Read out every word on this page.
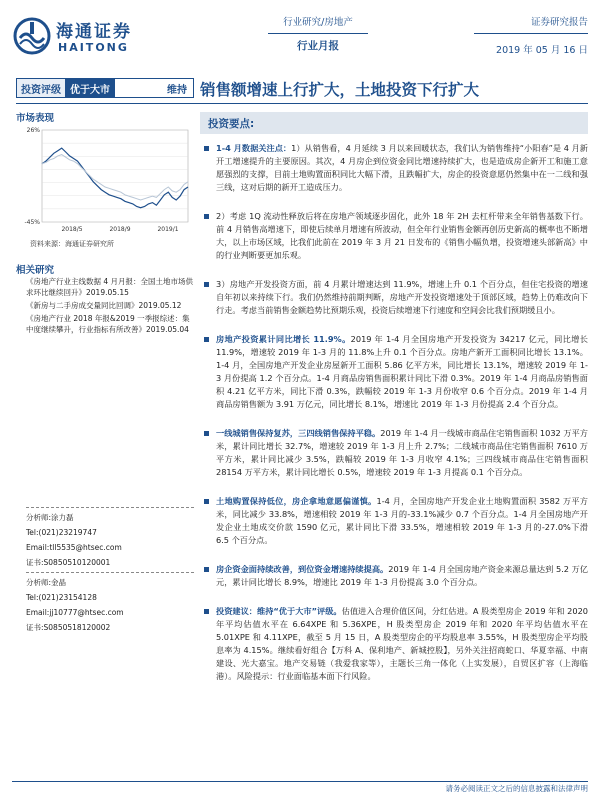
海通证券
HAITONG
行业研究/房地产
行业月报
证券研究报告
2019 年 05 月 16 日
投资评级 优于大市	维持 销售额增速上行扩大，土地投资下行扩大
市场表现
26%
-45%
2018/5	2018/9	2019/1
资料来源：海通证券研究所
相关研究
《房地产行业主线数据 4 月月报：全国土地市场供求环比继续回升》2019.05.15
《新房与二手房成交量同比回调》2019.05.12
《房地产行业 2018 年报&2019 一季报综述：集中度继续攀升，行业指标有所改善》2019.05.04
分析师:涂力磊
Tel:(021)23219747
Email:tll5535@htsec.com
证书:S0850510120001
分析师:金晶
Tel:(021)23154128
Email:jj10777@htsec.com
证书:S0850518120002
投资要点:
1-4 月数据关注点：1）从销售看，4 月延续 3 月以来回暖状态，我们认为销售维持“小阳春”是 4 月新开工增速提升的主要原因。其次，4 月房企到位资金同比增速持续扩大，也是造成房企新开工和施工意愿强烈的支撑，目前土地购置面积同比大幅下滑，且跌幅扩大，房企的投资意愿仍然集中在一二线和强三线，这对后期的新开工造成压力。
2）考虑 1Q 流动性释放后将在房地产领域逐步固化，此外 18 年 2H 去杠杆带来全年销售基数下行。前 4 月销售高增速下，即使后续单月增速有所波动，但全年行业销售金额再创历史新高的概率也不断增大，以上市场区域，比我们此前在 2019 年 3 月 21 日发布的《销售小幅负增，投资增速头部新高》中的行业判断要更加乐观。
3）房地产开发投资方面，前 4 月累计增速达到 11.9%，增速上升 0.1 个百分点，但住宅投资的增速自年初以来持续下行。我们仍然维持前期判断，房地产开发投资增速处于顶部区域，趋势上仍难改向下行走。考虑当前销售金额趋势比预期乐观，投资后续增速下行速度和空间会比我们预期缓且小。
房地产投资累计同比增长 11.9%。2019 年 1-4 月全国房地产开发投资为 34217 亿元，同比增长 11.9%，增速较 2019 年 1-3 月的 11.8%上升 0.1 个百分点。房地产新开工面积同比增长 13.1%。1-4 月，全国房地产开发企业房屋新开工面积 5.86 亿平方米，同比增长 13.1%，增速较 2019 年 1-3 月份提高 1.2 个百分点。1-4 月商品房销售面积累计同比下滑 0.3%。2019 年 1-4 月商品房销售面积 4.21 亿平方米，同比下滑 0.3%，跌幅较 2019 年 1-3 月份收窄 0.6 个百分点。2019 年 1-4 月商品房销售额为 3.91 万亿元，同比增长 8.1%，增速比 2019 年 1-3 月份提高 2.4 个百分点。
一线城销售保持复苏，三四线销售保持平稳。2019 年 1-4 月一线城市商品住宅销售面积 1032 万平方米，累计同比增长 32.7%，增速较 2019 年 1-3 月上升 2.7%；二线城市商品住宅销售面积 7610 万平方米，累计同比减少 3.5%，跌幅较 2019 年 1-3 月收窄 4.1%；三四线城市商品住宅销售面积 28154 万平方米，累计同比增长 0.5%，增速较 2019 年 1-3 月提高 0.1 个百分点。
土地购置保持低位，房企拿地意愿偏谨慎。1-4 月，全国房地产开发企业土地购置面积 3582 万平方米，同比减少 33.8%，增速相较 2019 年 1-3 月的-33.1%减少 0.7 个百分点。1-4 月全国房地产开发企业土地成交价款 1590 亿元，累计同比下滑 33.5%，增速相较 2019 年 1-3 月的-27.0%下滑 6.5 个百分点。
房企资金面持续改善，到位资金增速持续提高。2019 年 1-4 月全国房地产资金来源总量达到 5.2 万亿元，累计同比增长 8.9%，增速比 2019 年 1-3 月份提高 3.0 个百分点。
投资建议：维持“优于大市”评级。估值进入合理价值区间，分红估进。A 股类型房企 2019 年和 2020 年平均估值水平在 6.64XPE 和 5.36XPE，H 股类型房企 2019 年和 2020 年平均估值水平在 5.01XPE 和 4.11XPE，截至 5 月 15 日，A 股类型房企的平均股息率 3.55%，H 股类型房企平均股息率为 4.15%。继续看好组合【万科 A、保利地产、新城控股】，另外关注招商蛇口、华夏幸福、中南建设、光大嘉宝。地产交易链（我爱我家等），主题长三角一体化（上实发展），自贸区扩容（上海临港）。风险提示：行业面临基本面下行风险。
请务必阅读正文之后的信息披露和法律声明
